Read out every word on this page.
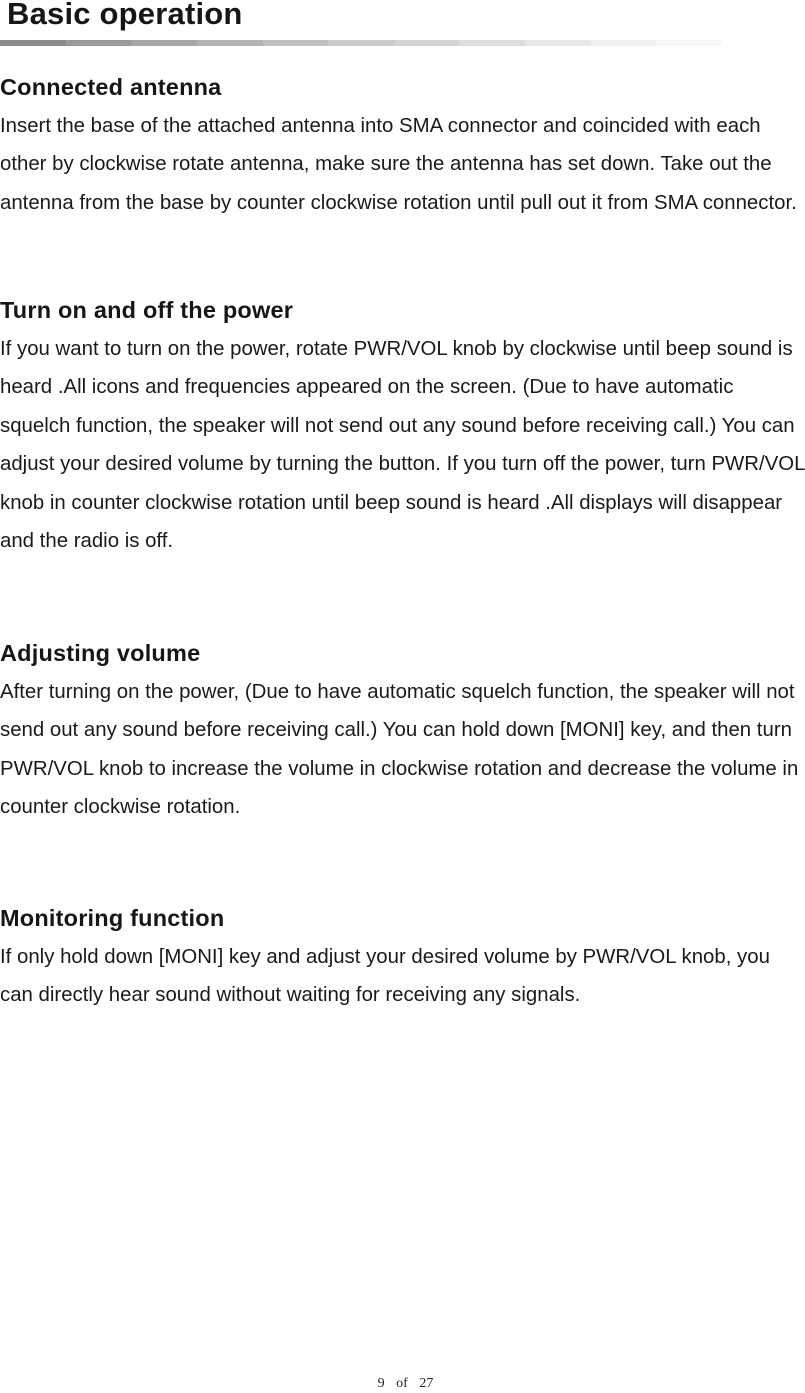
Basic operation
Connected antenna

Insert the base of the attached antenna into SMA connector and coincided with each other by clockwise rotate antenna, make sure the antenna has set down. Take out the antenna from the base by counter clockwise rotation until pull out it from SMA connector.

Turn on and off the power

If you want to turn on the power, rotate PWR/VOL knob by clockwise until beep sound is heard .All icons and frequencies appeared on the screen. (Due to have automatic squelch function, the speaker will not send out any sound before receiving call.) You can adjust your desired volume by turning the button. If you turn off the power, turn PWR/VOL knob in counter clockwise rotation until beep sound is heard .All displays will disappear and the radio is off.

Adjusting volume

After turning on the power, (Due to have automatic squelch function, the speaker will not send out any sound before receiving call.) You can hold down [MONI] key, and then turn PWR/VOL knob to increase the volume in clockwise rotation and decrease the volume in counter clockwise rotation.

Monitoring function

If only hold down [MONI] key and adjust your desired volume by PWR/VOL knob, you can directly hear sound without waiting for receiving any signals.

9 of 27
